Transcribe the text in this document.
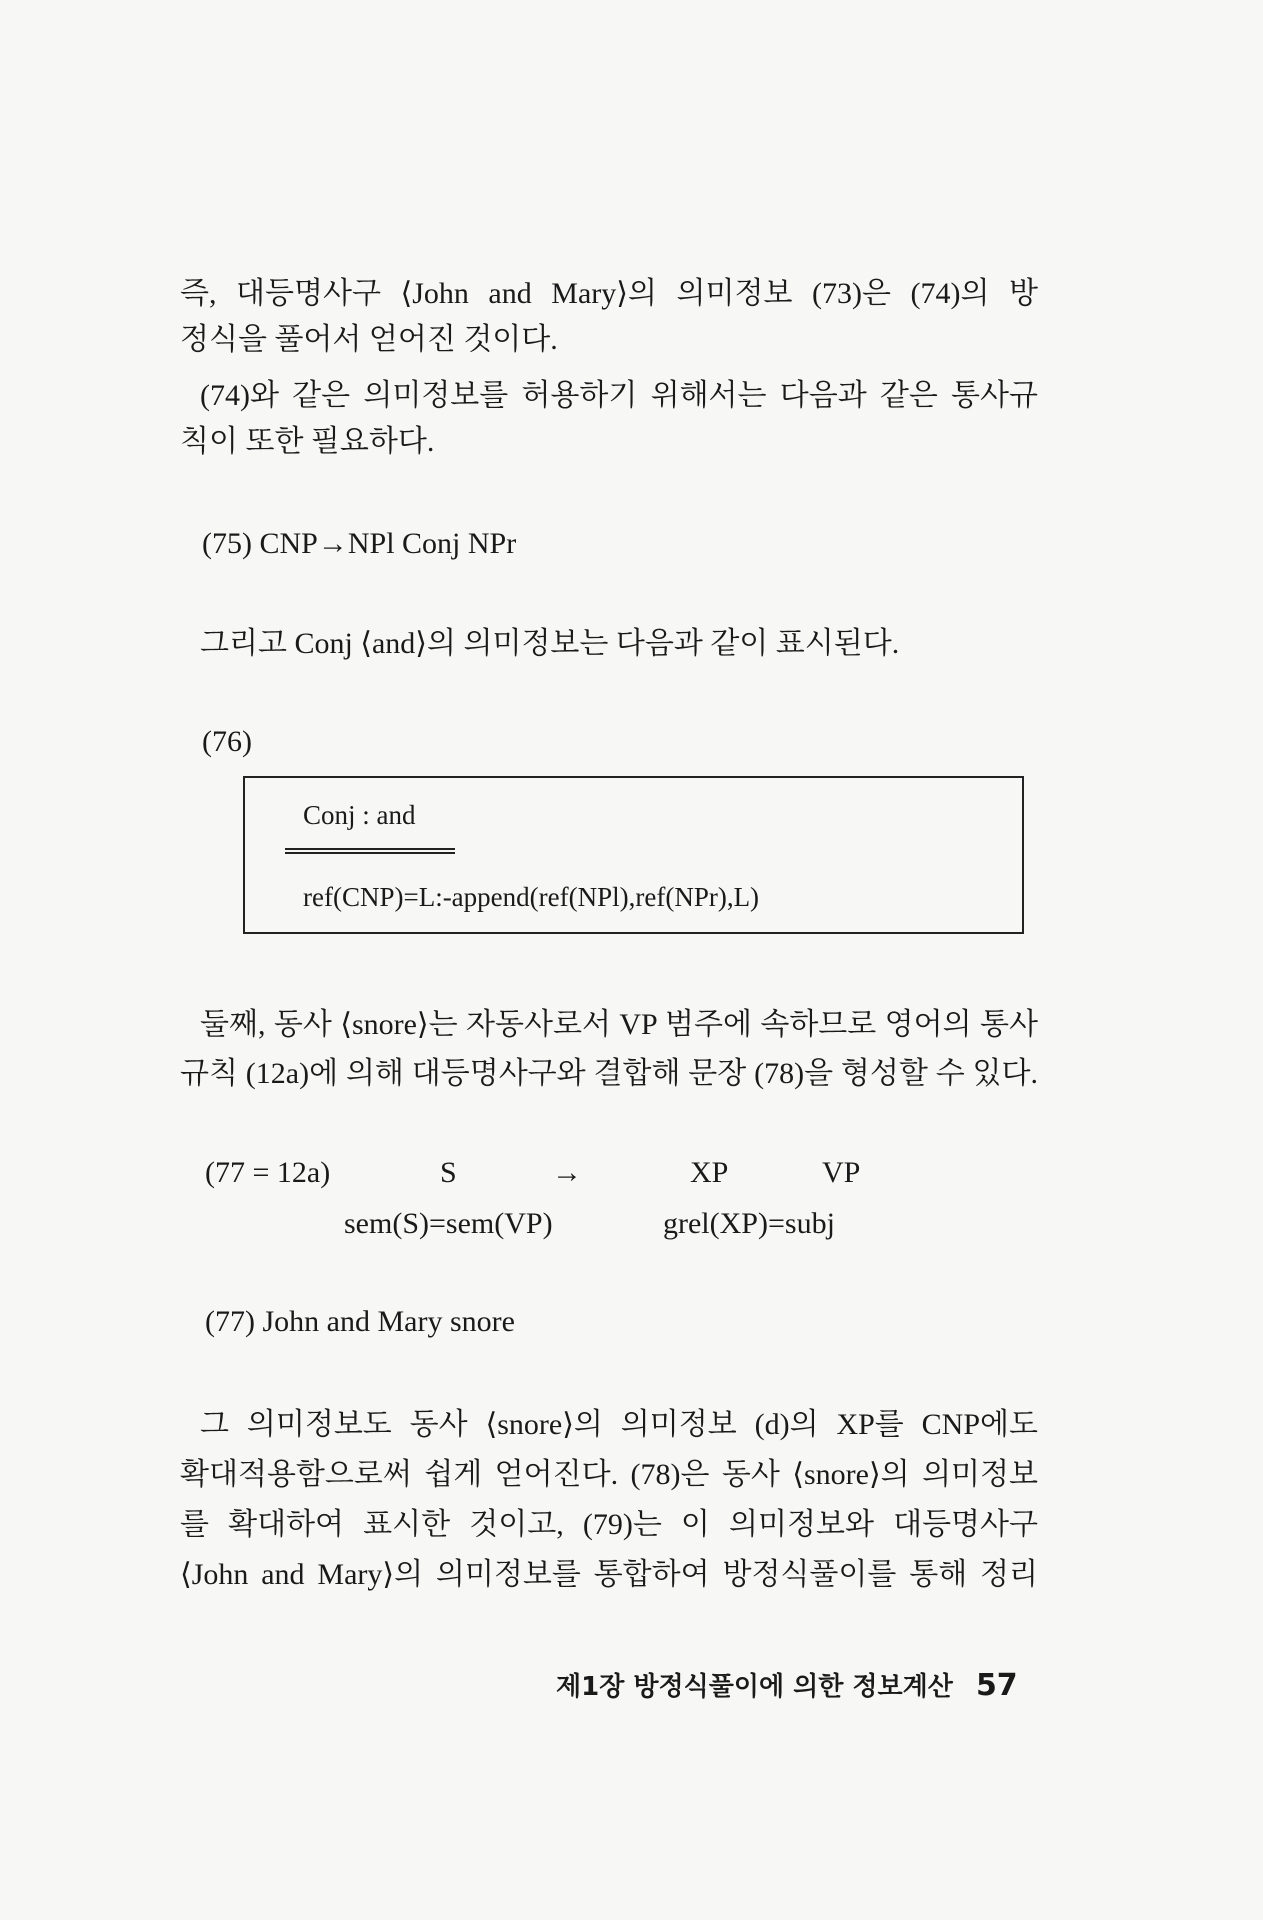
즉, 대등명사구 ⟨John and Mary⟩의 의미정보 (73)은 (74)의 방
정식을 풀어서 얻어진 것이다.
(74)와 같은 의미정보를 허용하기 위해서는 다음과 같은 통사규
칙이 또한 필요하다.
(75) CNP→NPl Conj NPr
그리고 Conj ⟨and⟩의 의미정보는 다음과 같이 표시된다.
(76)
Conj : and
ref(CNP)=L:-append(ref(NPl),ref(NPr),L)
둘째, 동사 ⟨snore⟩는 자동사로서 VP 범주에 속하므로 영어의 통사
규칙 (12a)에 의해 대등명사구와 결합해 문장 (78)을 형성할 수 있다.
(77 = 12a)	S	→	XP	VP
sem(S)=sem(VP)	grel(XP)=subj
(77) John and Mary snore
그 의미정보도 동사 ⟨snore⟩의 의미정보 (d)의 XP를 CNP에도
확대적용함으로써 쉽게 얻어진다. (78)은 동사 ⟨snore⟩의 의미정보
를 확대하여 표시한 것이고, (79)는 이 의미정보와 대등명사구
⟨John and Mary⟩의 의미정보를 통합하여 방정식풀이를 통해 정리
제1장 방정식풀이에 의한 정보계산 57
